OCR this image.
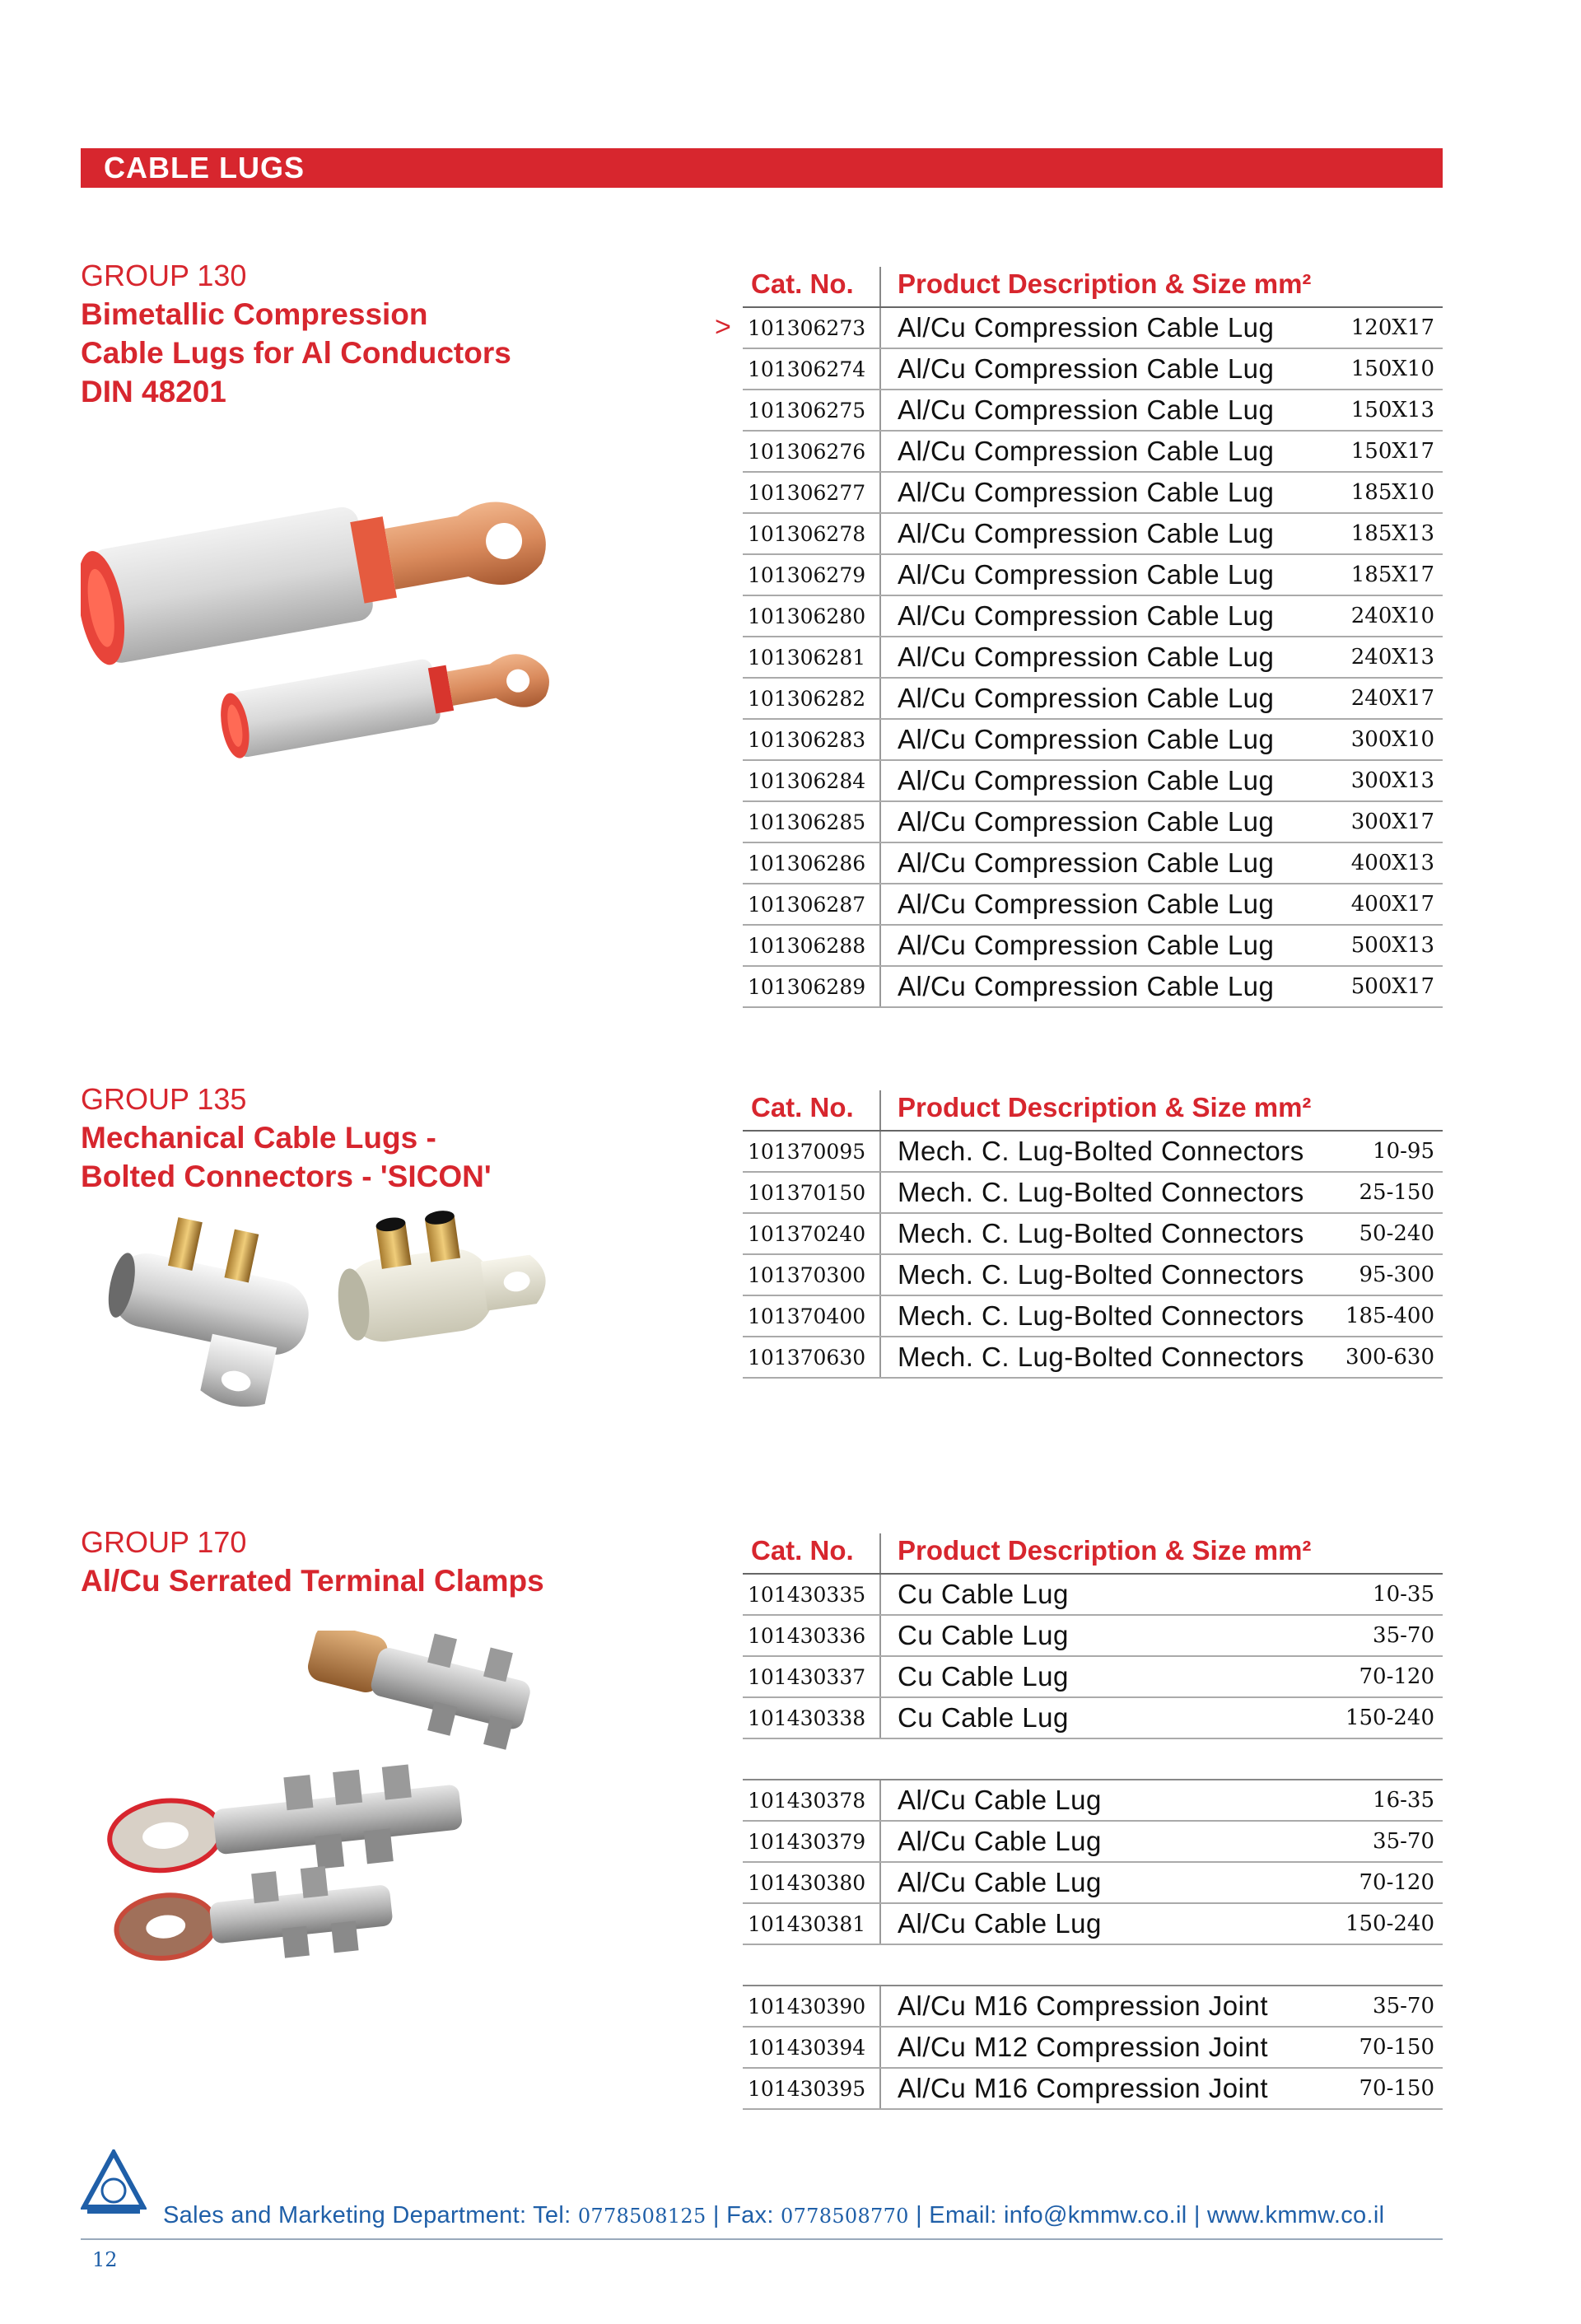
CABLE LUGS
GROUP 130
Bimetallic Compression
Cable Lugs for Al Conductors
DIN 48201
Cat. No.	Product Description & Size mm²
> 101306273	Al/Cu Compression Cable Lug	120X17
101306274	Al/Cu Compression Cable Lug	150X10
101306275	Al/Cu Compression Cable Lug	150X13
101306276	Al/Cu Compression Cable Lug	150X17
101306277	Al/Cu Compression Cable Lug	185X10
101306278	Al/Cu Compression Cable Lug	185X13
101306279	Al/Cu Compression Cable Lug	185X17
101306280	Al/Cu Compression Cable Lug	240X10
101306281	Al/Cu Compression Cable Lug	240X13
101306282	Al/Cu Compression Cable Lug	240X17
101306283	Al/Cu Compression Cable Lug	300X10
101306284	Al/Cu Compression Cable Lug	300X13
101306285	Al/Cu Compression Cable Lug	300X17
101306286	Al/Cu Compression Cable Lug	400X13
101306287	Al/Cu Compression Cable Lug	400X17
101306288	Al/Cu Compression Cable Lug	500X13
101306289	Al/Cu Compression Cable Lug	500X17
GROUP 135
Mechanical Cable Lugs -
Bolted Connectors - 'SICON'
Cat. No.	Product Description & Size mm²
101370095	Mech. C. Lug-Bolted Connectors	10-95
101370150	Mech. C. Lug-Bolted Connectors	25-150
101370240	Mech. C. Lug-Bolted Connectors	50-240
101370300	Mech. C. Lug-Bolted Connectors	95-300
101370400	Mech. C. Lug-Bolted Connectors	185-400
101370630	Mech. C. Lug-Bolted Connectors	300-630
GROUP 170
Al/Cu Serrated Terminal Clamps
Cat. No.	Product Description & Size mm²
101430335	Cu Cable Lug	10-35
101430336	Cu Cable Lug	35-70
101430337	Cu Cable Lug	70-120
101430338	Cu Cable Lug	150-240
101430378	Al/Cu Cable Lug	16-35
101430379	Al/Cu Cable Lug	35-70
101430380	Al/Cu Cable Lug	70-120
101430381	Al/Cu Cable Lug	150-240
101430390	Al/Cu M16 Compression Joint	35-70
101430394	Al/Cu M12 Compression Joint	70-150
101430395	Al/Cu M16 Compression Joint	70-150
Sales and Marketing Department: Tel: 0778508125 | Fax: 0778508770 | Email: info@kmmw.co.il | www.kmmw.co.il
12
